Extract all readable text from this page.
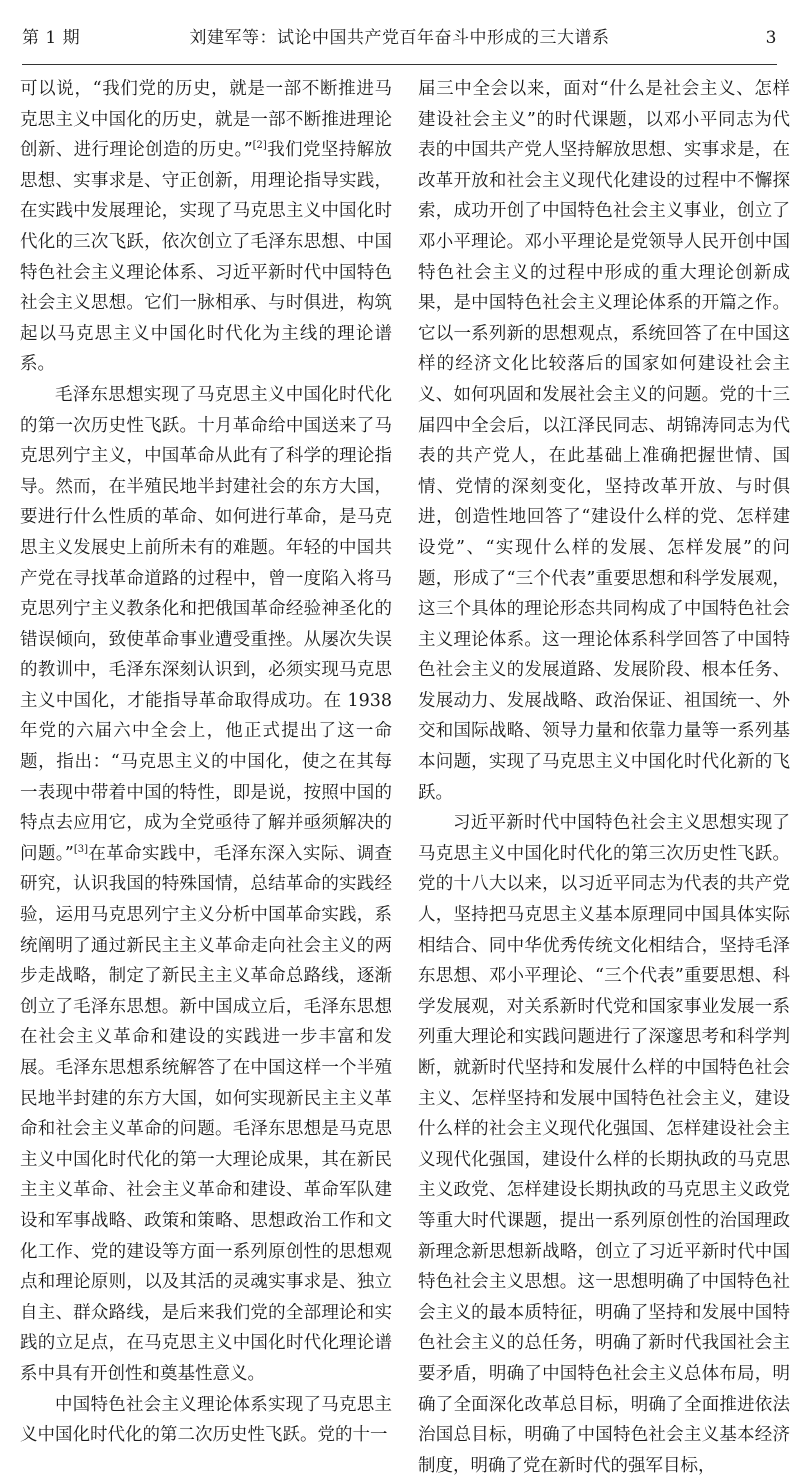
第 1 期	刘建军等：试论中国共产党百年奋斗中形成的三大谱系	3

可以说，“我们党的历史，就是一部不断推进马克思主义中国化的历史，就是一部不断推进理论创新、进行理论创造的历史。”[2]我们党坚持解放思想、实事求是、守正创新，用理论指导实践，在实践中发展理论，实现了马克思主义中国化时代化的三次飞跃，依次创立了毛泽东思想、中国特色社会主义理论体系、习近平新时代中国特色社会主义思想。它们一脉相承、与时俱进，构筑起以马克思主义中国化时代化为主线的理论谱系。

毛泽东思想实现了马克思主义中国化时代化的第一次历史性飞跃。十月革命给中国送来了马克思列宁主义，中国革命从此有了科学的理论指导。然而，在半殖民地半封建社会的东方大国，要进行什么性质的革命、如何进行革命，是马克思主义发展史上前所未有的难题。年轻的中国共产党在寻找革命道路的过程中，曾一度陷入将马克思列宁主义教条化和把俄国革命经验神圣化的错误倾向，致使革命事业遭受重挫。从屡次失误的教训中，毛泽东深刻认识到，必须实现马克思主义中国化，才能指导革命取得成功。在 1938 年党的六届六中全会上，他正式提出了这一命题，指出：“马克思主义的中国化，使之在其每一表现中带着中国的特性，即是说，按照中国的特点去应用它，成为全党亟待了解并亟须解决的问题。”[3]在革命实践中，毛泽东深入实际、调查研究，认识我国的特殊国情，总结革命的实践经验，运用马克思列宁主义分析中国革命实践，系统阐明了通过新民主主义革命走向社会主义的两步走战略，制定了新民主主义革命总路线，逐渐创立了毛泽东思想。新中国成立后，毛泽东思想在社会主义革命和建设的实践进一步丰富和发展。毛泽东思想系统解答了在中国这样一个半殖民地半封建的东方大国，如何实现新民主主义革命和社会主义革命的问题。毛泽东思想是马克思主义中国化时代化的第一大理论成果，其在新民主主义革命、社会主义革命和建设、革命军队建设和军事战略、政策和策略、思想政治工作和文化工作、党的建设等方面一系列原创性的思想观点和理论原则，以及其活的灵魂实事求是、独立自主、群众路线，是后来我们党的全部理论和实践的立足点，在马克思主义中国化时代化理论谱系中具有开创性和奠基性意义。

中国特色社会主义理论体系实现了马克思主义中国化时代化的第二次历史性飞跃。党的十一

届三中全会以来，面对“什么是社会主义、怎样建设社会主义”的时代课题，以邓小平同志为代表的中国共产党人坚持解放思想、实事求是，在改革开放和社会主义现代化建设的过程中不懈探索，成功开创了中国特色社会主义事业，创立了邓小平理论。邓小平理论是党领导人民开创中国特色社会主义的过程中形成的重大理论创新成果，是中国特色社会主义理论体系的开篇之作。它以一系列新的思想观点，系统回答了在中国这样的经济文化比较落后的国家如何建设社会主义、如何巩固和发展社会主义的问题。党的十三届四中全会后，以江泽民同志、胡锦涛同志为代表的共产党人，在此基础上准确把握世情、国情、党情的深刻变化，坚持改革开放、与时俱进，创造性地回答了“建设什么样的党、怎样建设党”、“实现什么样的发展、怎样发展”的问题，形成了“三个代表”重要思想和科学发展观，这三个具体的理论形态共同构成了中国特色社会主义理论体系。这一理论体系科学回答了中国特色社会主义的发展道路、发展阶段、根本任务、发展动力、发展战略、政治保证、祖国统一、外交和国际战略、领导力量和依靠力量等一系列基本问题，实现了马克思主义中国化时代化新的飞跃。

习近平新时代中国特色社会主义思想实现了马克思主义中国化时代化的第三次历史性飞跃。党的十八大以来，以习近平同志为代表的共产党人，坚持把马克思主义基本原理同中国具体实际相结合、同中华优秀传统文化相结合，坚持毛泽东思想、邓小平理论、“三个代表”重要思想、科学发展观，对关系新时代党和国家事业发展一系列重大理论和实践问题进行了深邃思考和科学判断，就新时代坚持和发展什么样的中国特色社会主义、怎样坚持和发展中国特色社会主义，建设什么样的社会主义现代化强国、怎样建设社会主义现代化强国，建设什么样的长期执政的马克思主义政党、怎样建设长期执政的马克思主义政党等重大时代课题，提出一系列原创性的治国理政新理念新思想新战略，创立了习近平新时代中国特色社会主义思想。这一思想明确了中国特色社会主义的最本质特征，明确了坚持和发展中国特色社会主义的总任务，明确了新时代我国社会主要矛盾，明确了中国特色社会主义总体布局，明确了全面深化改革总目标，明确了全面推进依法治国总目标，明确了中国特色社会主义基本经济制度，明确了党在新时代的强军目标，
